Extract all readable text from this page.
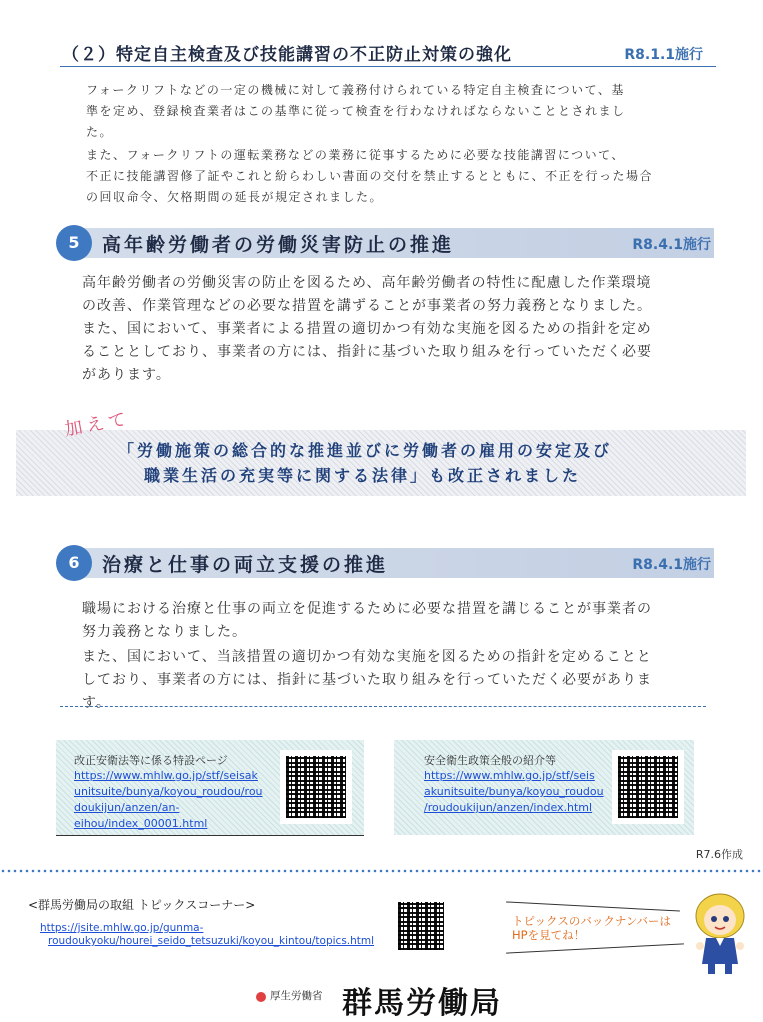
（２）特定自主検査及び技能講習の不正防止対策の強化	R8.1.1施行
フォークリフトなどの一定の機械に対して義務付けられている特定自主検査について、基
準を定め、登録検査業者はこの基準に従って検査を行わなければならないこととされまし
た。
また、フォークリフトの運転業務などの業務に従事するために必要な技能講習について、
不正に技能講習修了証やこれと紛らわしい書面の交付を禁止するとともに、不正を行った場合
の回収命令、欠格期間の延長が規定されました。
5	高年齢労働者の労働災害防止の推進	R8.4.1施行
高年齢労働者の労働災害の防止を図るため、高年齢労働者の特性に配慮した作業環境
の改善、作業管理などの必要な措置を講ずることが事業者の努力義務となりました。
また、国において、事業者による措置の適切かつ有効な実施を図るための指針を定め
ることとしており、事業者の方には、指針に基づいた取り組みを行っていただく必要
があります。
加えて
「労働施策の総合的な推進並びに労働者の雇用の安定及び
職業生活の充実等に関する法律」も改正されました
6	治療と仕事の両立支援の推進	R8.4.1施行
職場における治療と仕事の両立を促進するために必要な措置を講じることが事業者の
努力義務となりました。
また、国において、当該措置の適切かつ有効な実施を図るための指針を定めることと
しており、事業者の方には、指針に基づいた取り組みを行っていただく必要がありま
す。
改正安衛法等に係る特設ページ
https://www.mhlw.go.jp/stf/seisak
unitsuite/bunya/koyou_roudou/rou
doukijun/anzen/an-
eihou/index_00001.html
安全衛生政策全般の紹介等
https://www.mhlw.go.jp/stf/seis
akunitsuite/bunya/koyou_roudou
/roudoukijun/anzen/index.html
R7.6作成
<群馬労働局の取組 トピックスコーナー>
https://jsite.mhlw.go.jp/gunma-
roudoukyoku/hourei_seido_tetsuzuki/koyou_kintou/topics.html
トピックスのバックナンバーは
HPを見てね！
厚生労働省 群馬労働局
